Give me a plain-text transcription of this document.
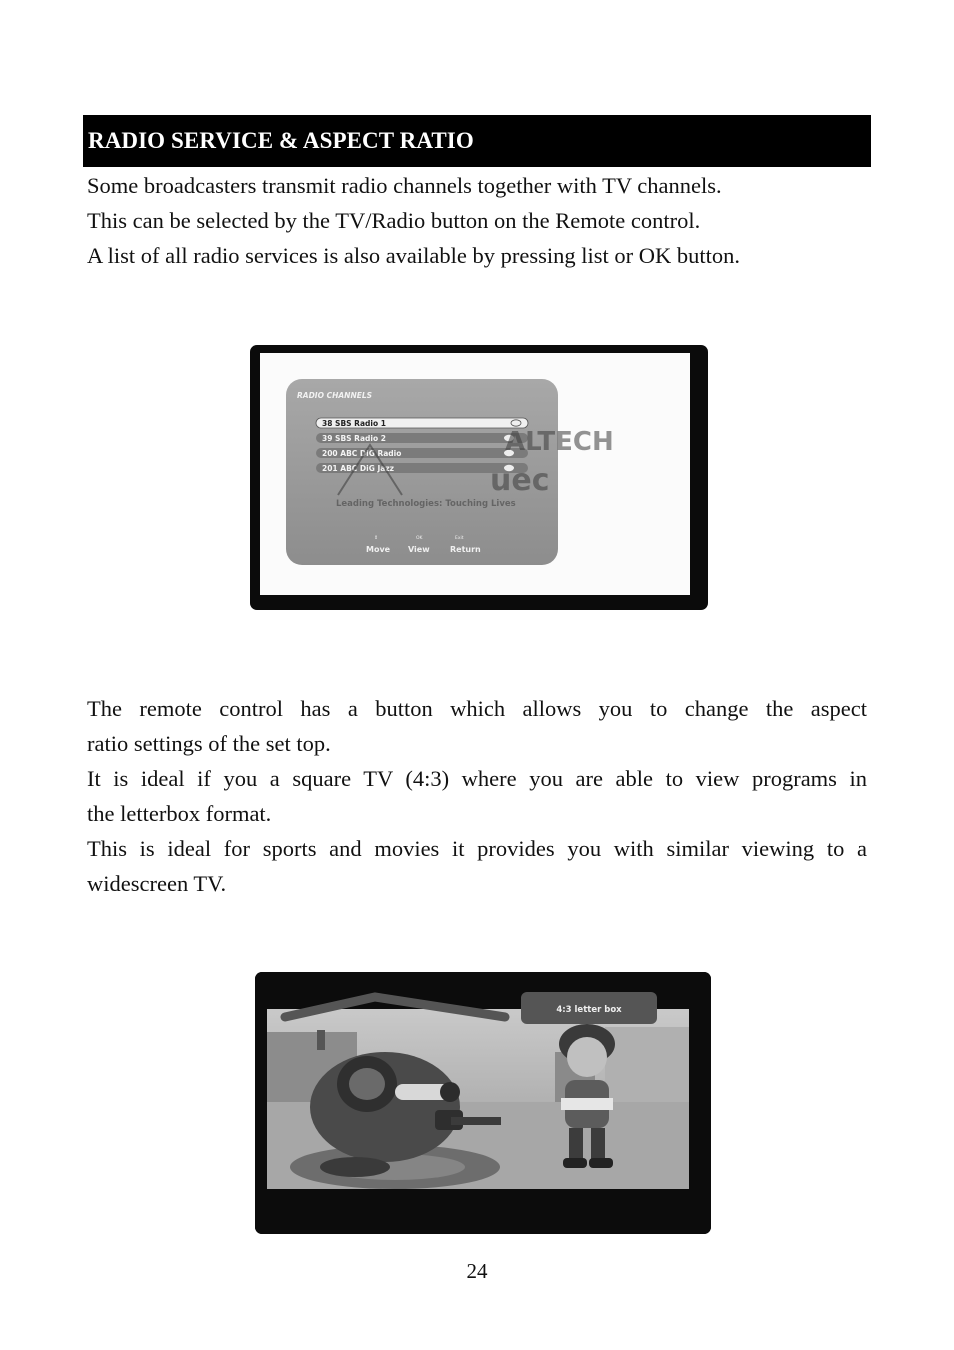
RADIO SERVICE & ASPECT RATIO

Some broadcasters transmit radio channels together with TV channels.

This can be selected by the TV/Radio button on the Remote control.

A list of all radio services is also available by pressing list or OK button.

RADIO CHANNELS
38 SBS Radio 1
39 SBS Radio 2
200 ABC DiG Radio
201 ABC DiG Jazz
ALTECH
uec
Leading Technologies: Touching Lives
⇕	OK	Exit
Move View	Return

The remote control has a button which allows you to change the aspect

ratio settings of the set top.

It is ideal if you a square TV (4:3) where you are able to view programs in

the letterbox format.

This is ideal for sports and movies it provides you with similar viewing to a

widescreen TV.

4:3 letter box
24
